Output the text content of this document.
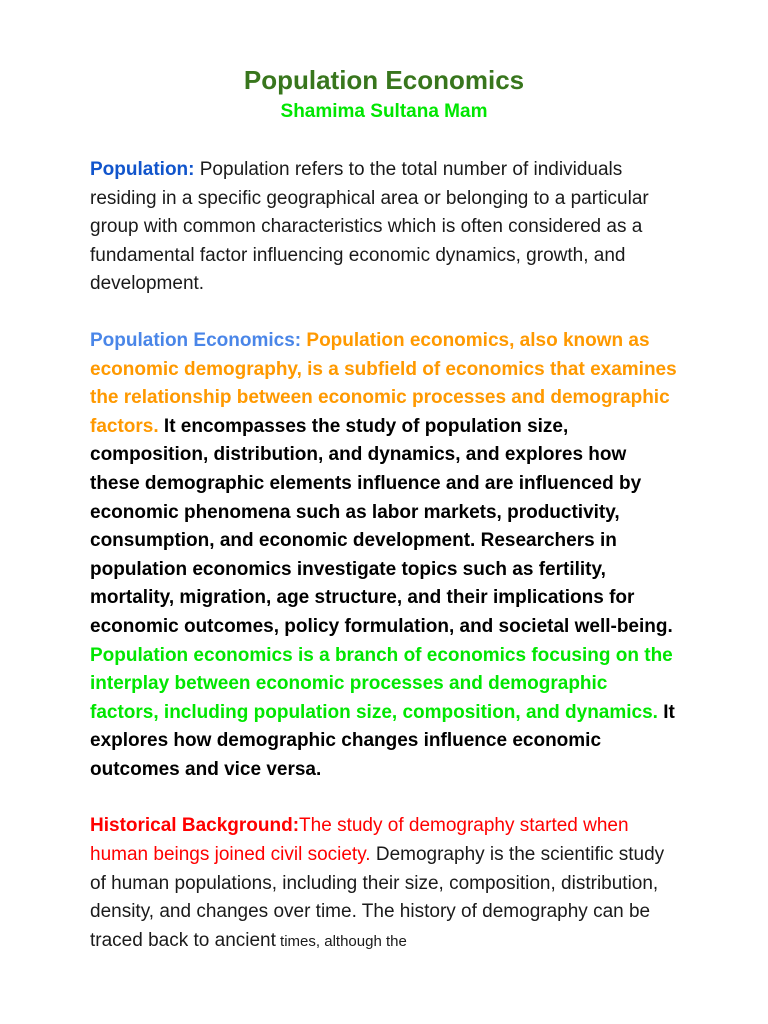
Population Economics

Shamima Sultana Mam

Population: Population refers to the total number of individuals residing in a specific geographical area or belonging to a particular group with common characteristics which is often considered as a fundamental factor influencing economic dynamics, growth, and development.

Population Economics: Population economics, also known as economic demography, is a subfield of economics that examines the relationship between economic processes and demographic factors. It encompasses the study of population size, composition, distribution, and dynamics, and explores how these demographic elements influence and are influenced by economic phenomena such as labor markets, productivity, consumption, and economic development. Researchers in population economics investigate topics such as fertility, mortality, migration, age structure, and their implications for economic outcomes, policy formulation, and societal well-being.
Population economics is a branch of economics focusing on the interplay between economic processes and demographic factors, including population size, composition, and dynamics. It explores how demographic changes influence economic outcomes and vice versa.

Historical Background:The study of demography started when human beings joined civil society. Demography is the scientific study of human populations, including their size, composition, distribution, density, and changes over time. The history of demography can be traced back to ancient times, although the
